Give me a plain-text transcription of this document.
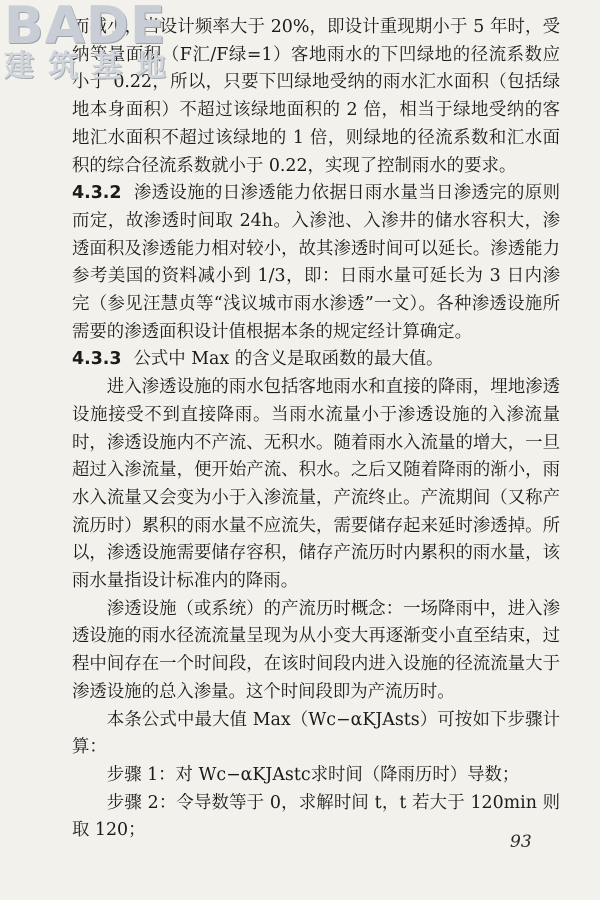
BADE
建筑基地

而减小，当设计频率大于 20%，即设计重现期小于 5 年时，受纳等量面积（F汇/F绿=1）客地雨水的下凹绿地的径流系数应小于 0.22，所以，只要下凹绿地受纳的雨水汇水面积（包括绿地本身面积）不超过该绿地面积的 2 倍，相当于绿地受纳的客地汇水面积不超过该绿地的 1 倍，则绿地的径流系数和汇水面积的综合径流系数就小于 0.22，实现了控制雨水的要求。

4.3.2 渗透设施的日渗透能力依据日雨水量当日渗透完的原则而定，故渗透时间取 24h。入渗池、入渗井的储水容积大，渗透面积及渗透能力相对较小，故其渗透时间可以延长。渗透能力参考美国的资料减小到 1/3，即：日雨水量可延长为 3 日内渗完（参见汪慧贞等“浅议城市雨水渗透”一文）。各种渗透设施所需要的渗透面积设计值根据本条的规定经计算确定。

4.3.3 公式中 Max 的含义是取函数的最大值。

进入渗透设施的雨水包括客地雨水和直接的降雨，埋地渗透设施接受不到直接降雨。当雨水流量小于渗透设施的入渗流量时，渗透设施内不产流、无积水。随着雨水入流量的增大，一旦超过入渗流量，便开始产流、积水。之后又随着降雨的渐小，雨水入流量又会变为小于入渗流量，产流终止。产流期间（又称产流历时）累积的雨水量不应流失，需要储存起来延时渗透掉。所以，渗透设施需要储存容积，储存产流历时内累积的雨水量，该雨水量指设计标准内的降雨。

渗透设施（或系统）的产流历时概念：一场降雨中，进入渗透设施的雨水径流流量呈现为从小变大再逐渐变小直至结束，过程中间存在一个时间段，在该时间段内进入设施的径流流量大于渗透设施的总入渗量。这个时间段即为产流历时。

本条公式中最大值 Max（Wc−αKJAsts）可按如下步骤计算：

步骤 1：对 Wc−αKJAstc求时间（降雨历时）导数；

步骤 2：令导数等于 0，求解时间 t，t 若大于 120min 则取 120；

93
